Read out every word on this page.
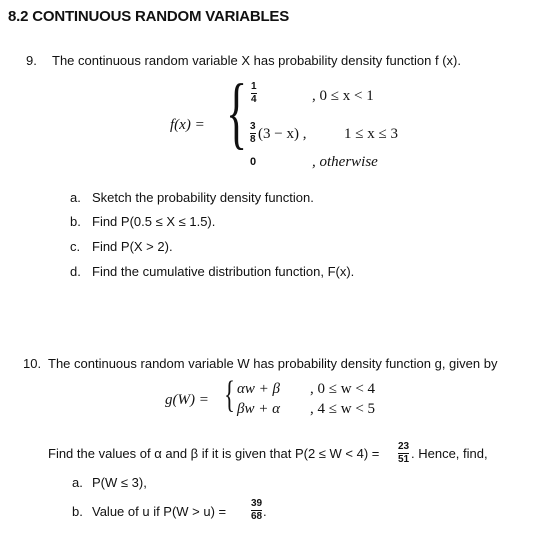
8.2 CONTINUOUS RANDOM VARIABLES
9. The continuous random variable X has probability density function f (x).
f(x) = { 1
4	, 0 ≤ x < 1
3
8 (3 − x) ,	1 ≤ x ≤ 3
0	, otherwise
a. Sketch the probability density function.
b. Find P(0.5 ≤ X ≤ 1.5).
c. Find P(X > 2).
d. Find the cumulative distribution function, F(x).
10. The continuous random variable W has probability density function g, given by
g(W) = { αw + β , 0 ≤ w < 4
βw + α , 4 ≤ w < 5
Find the values of α and β if it is given that P(2 ≤ W < 4) = 23
51 . Hence, find,
a. P(W ≤ 3),
b. Value of u if P(W > u) =
39
68 .
